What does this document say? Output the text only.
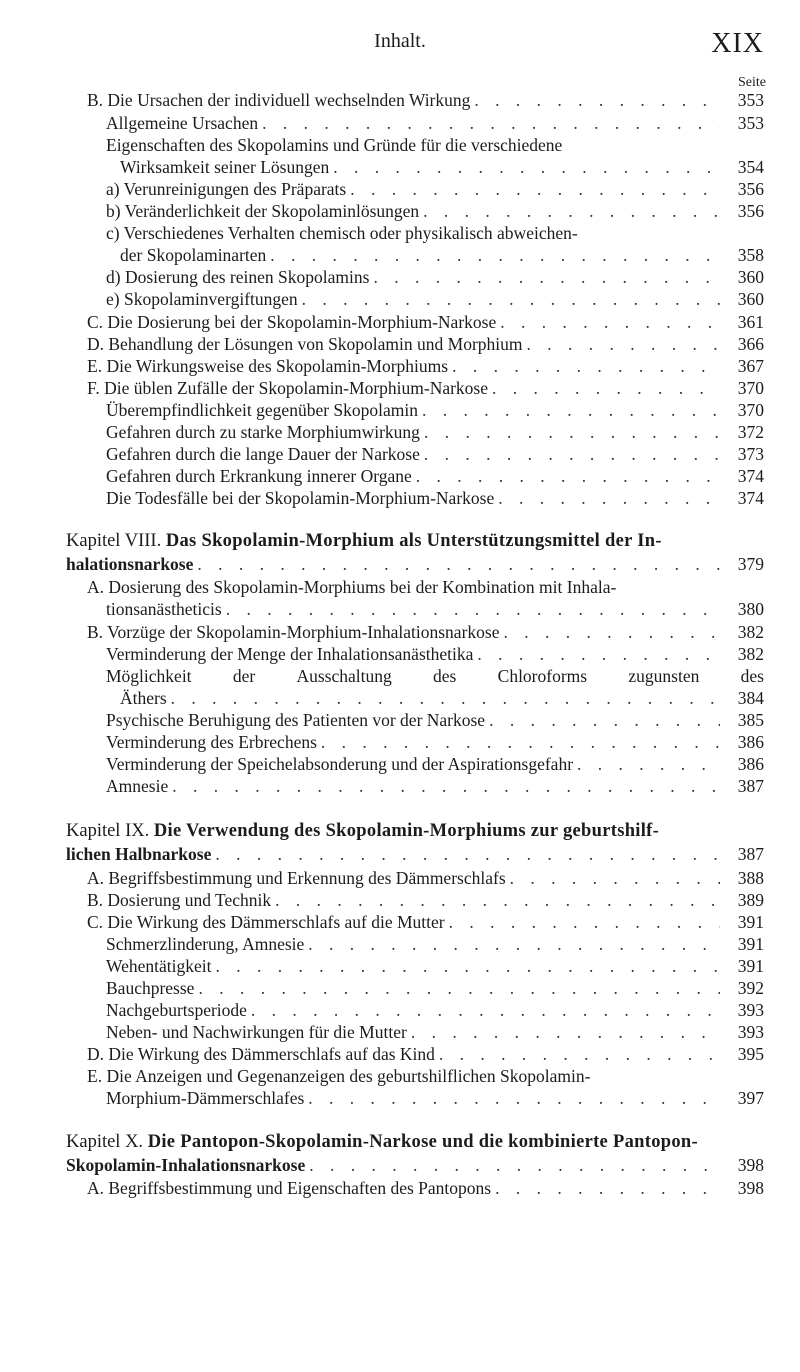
Inhalt.	XIX
Seite
B. Die Ursachen der individuell wechselnden Wirkung . . .	353
Allgemeine Ursachen . . .	353
Eigenschaften des Skopolamins und Gründe für die verschiedene
Wirksamkeit seiner Lösungen . . .	354
a) Verunreinigungen des Präparats . . .	356
b) Veränderlichkeit der Skopolaminlösungen . . .	356
c) Verschiedenes Verhalten chemisch oder physikalisch abweichen-
der Skopolaminarten . . .	358
d) Dosierung des reinen Skopolamins . . .	360
e) Skopolaminvergiftungen . . .	360
C. Die Dosierung bei der Skopolamin-Morphium-Narkose . . .	361
D. Behandlung der Lösungen von Skopolamin und Morphium . . .	366
E. Die Wirkungsweise des Skopolamin-Morphiums . . .	367
F. Die üblen Zufälle der Skopolamin-Morphium-Narkose . . .	370
Überempfindlichkeit gegenüber Skopolamin . . .	370
Gefahren durch zu starke Morphiumwirkung . . .	372
Gefahren durch die lange Dauer der Narkose . . .	373
Gefahren durch Erkrankung innerer Organe . . .	374
Die Todesfälle bei der Skopolamin-Morphium-Narkose . . .	374
Kapitel VIII. Das Skopolamin-Morphium als Unterstützungsmittel der In-
halationsnarkose . . .	379
A. Dosierung des Skopolamin-Morphiums bei der Kombination mit Inhala-
tionsanästheticis . . .	380
B. Vorzüge der Skopolamin-Morphium-Inhalationsnarkose . . .	382
Verminderung der Menge der Inhalationsanästhetika . . .	382
Möglichkeit der Ausschaltung des Chloroforms zugunsten des
Äthers . . .	384
Psychische Beruhigung des Patienten vor der Narkose . . .	385
Verminderung des Erbrechens . . .	386
Verminderung der Speichelabsonderung und der Aspirationsgefahr . . .	386
Amnesie . . .	387
Kapitel IX. Die Verwendung des Skopolamin-Morphiums zur geburtshilf-
lichen Halbnarkose . . .	387
A. Begriffsbestimmung und Erkennung des Dämmerschlafs . . .	388
B. Dosierung und Technik . . .	389
C. Die Wirkung des Dämmerschlafs auf die Mutter . . .	391
Schmerzlinderung, Amnesie . . .	391
Wehentätigkeit . . .	391
Bauchpresse . . .	392
Nachgeburtsperiode . . .	393
Neben- und Nachwirkungen für die Mutter . . .	393
D. Die Wirkung des Dämmerschlafs auf das Kind . . .	395
E. Die Anzeigen und Gegenanzeigen des geburtshilflichen Skopolamin-
Morphium-Dämmerschlafes . . .	397
Kapitel X. Die Pantopon-Skopolamin-Narkose und die kombinierte Pantopon-
Skopolamin-Inhalationsnarkose . . .	398
A. Begriffsbestimmung und Eigenschaften des Pantopons . . .	398
